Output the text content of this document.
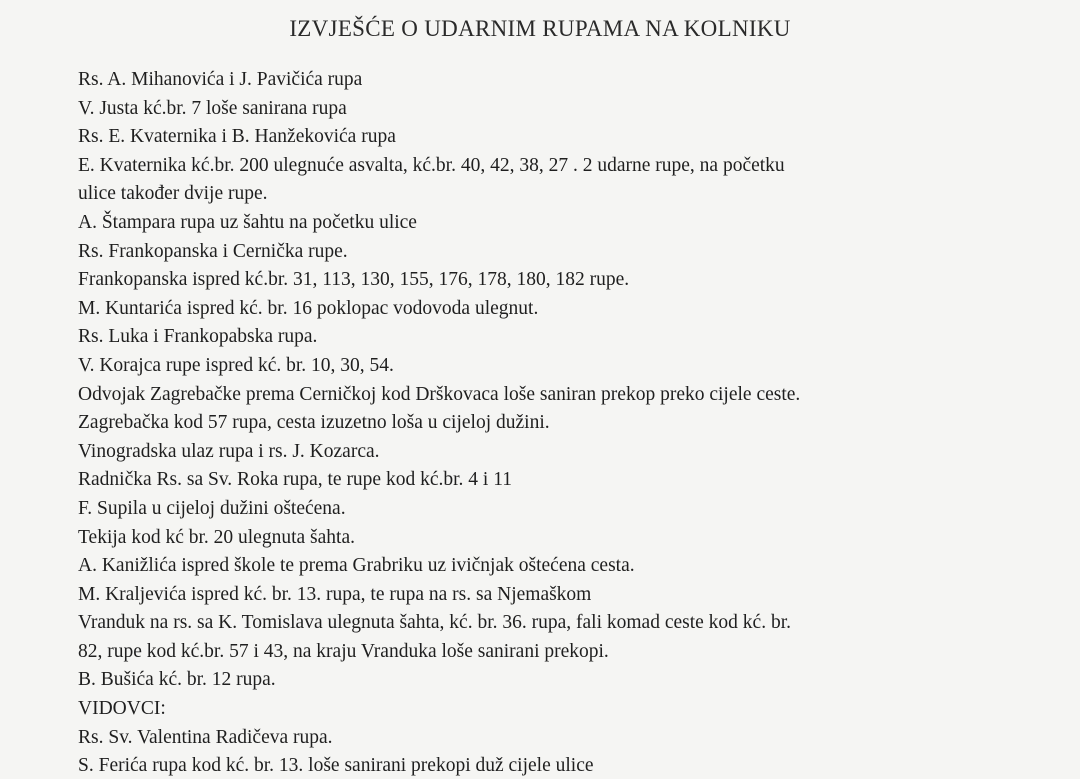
IZVJEŠĆE O UDARNIM RUPAMA NA KOLNIKU
Rs. A. Mihanovića i J. Pavičića rupa
V. Justa kć.br. 7 loše sanirana rupa
Rs. E. Kvaternika i B. Hanžekovića rupa
E. Kvaternika kć.br. 200 ulegnuće asvalta, kć.br. 40, 42, 38, 27 . 2 udarne rupe, na početku
ulice također dvije rupe.
A. Štampara rupa uz šahtu na početku ulice
Rs. Frankopanska i Cernička rupe.
Frankopanska ispred kć.br. 31, 113, 130, 155, 176, 178, 180, 182 rupe.
M. Kuntarića ispred kć. br. 16 poklopac vodovoda ulegnut.
Rs. Luka i Frankopabska rupa.
V. Korajca rupe ispred kć. br. 10, 30, 54.
Odvojak Zagrebačke prema Cerničkoj kod Drškovaca loše saniran prekop preko cijele ceste.
Zagrebačka kod 57 rupa, cesta izuzetno loša u cijeloj dužini.
Vinogradska ulaz rupa i rs. J. Kozarca.
Radnička Rs. sa Sv. Roka rupa, te rupe kod kć.br. 4 i 11
F. Supila u cijeloj dužini oštećena.
Tekija kod kć br. 20 ulegnuta šahta.
A. Kanižlića ispred škole te prema Grabriku uz ivičnjak oštećena cesta.
M. Kraljevića ispred kć. br. 13. rupa, te rupa na rs. sa Njemaškom
Vranduk na rs. sa K. Tomislava ulegnuta šahta, kć. br. 36. rupa, fali komad ceste kod kć. br.
82, rupe kod kć.br. 57 i 43, na kraju Vranduka loše sanirani prekopi.
B. Bušića kć. br. 12 rupa.
VIDOVCI:
Rs. Sv. Valentina Radičeva rupa.
S. Ferića rupa kod kć. br. 13. loše sanirani prekopi duž cijele ulice
